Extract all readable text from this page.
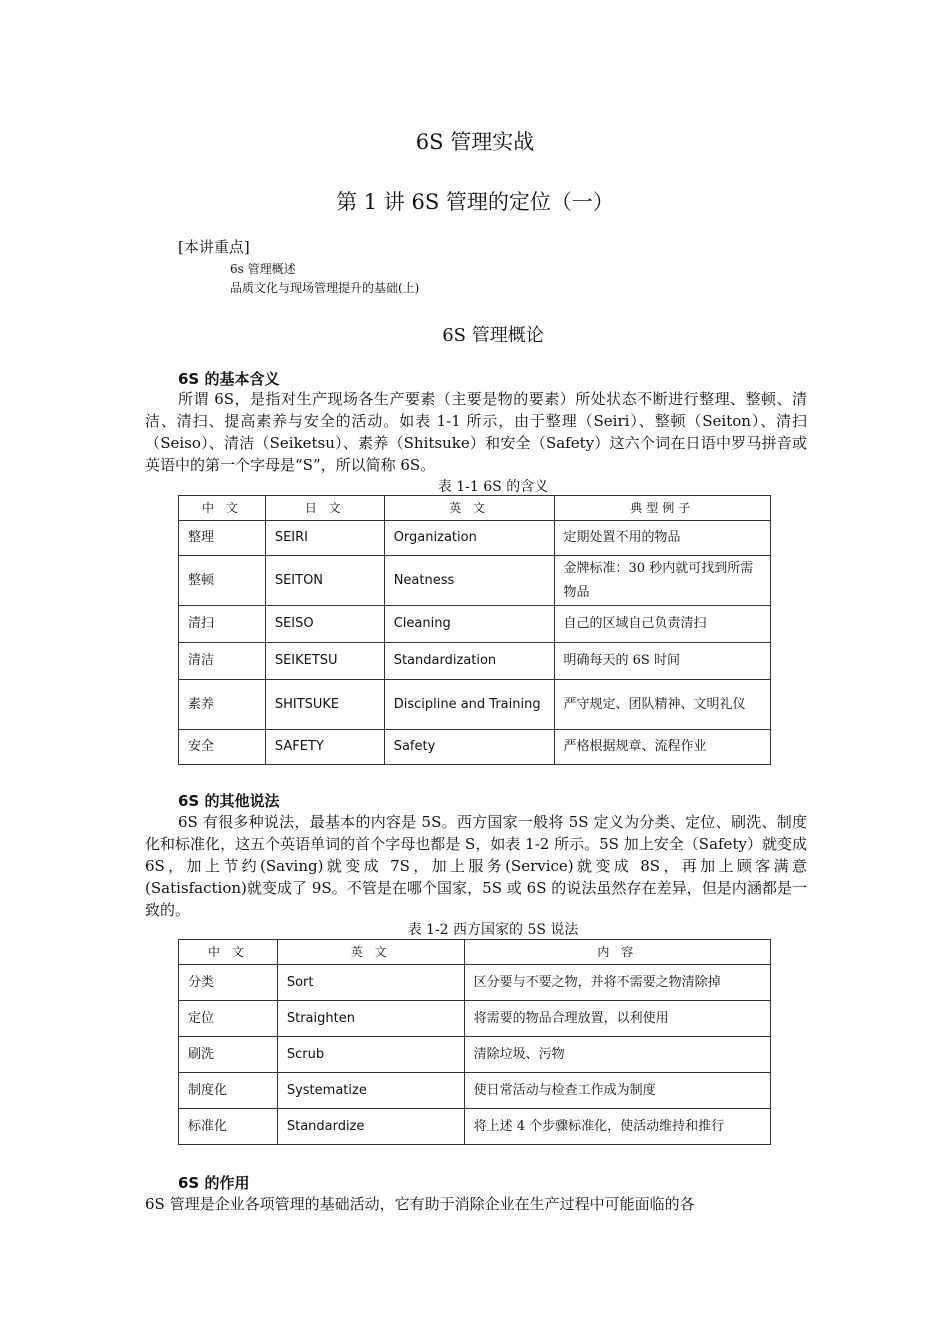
6S 管理实战
第 1 讲 6S 管理的定位（一）
[本讲重点]
6s 管理概述
品质文化与现场管理提升的基础(上)
6S 管理概论
6S 的基本含义

所谓 6S，是指对生产现场各生产要素（主要是物的要素）所处状态不断进行整理、整顿、清洁、清扫、提高素养与安全的活动。如表 1-1 所示，由于整理（Seiri）、整顿（Seiton）、清扫（Seiso）、清洁（Seiketsu）、素养（Shitsuke）和安全（Safety）这六个词在日语中罗马拼音或英语中的第一个字母是“S”，所以简称 6S。

表 1-1 6S 的含义
中 文	日 文	英 文	典型例子
整理	SEIRI	Organization	定期处置不用的物品
整顿	SEITON	Neatness	金牌标准：30 秒内就可找到所需物品
清扫	SEISO	Cleaning	自己的区域自己负责清扫
清洁	SEIKETSU	Standardization	明确每天的 6S 时间
素养	SHITSUKE	Discipline and Training	严守规定、团队精神、文明礼仪
安全	SAFETY	Safety	严格根据规章、流程作业
6S 的其他说法

6S 有很多种说法，最基本的内容是 5S。西方国家一般将 5S 定义为分类、定位、刷洗、制度化和标准化，这五个英语单词的首个字母也都是 S，如表 1-2 所示。5S 加上安全（Safety）就变成 6S，加上节约(Saving)就变成 7S，加上服务(Service)就变成 8S，再加上顾客满意(Satisfaction)就变成了 9S。不管是在哪个国家，5S 或 6S 的说法虽然存在差异，但是内涵都是一致的。

表 1-2 西方国家的 5S 说法
中 文	英 文	内 容
分类	Sort	区分要与不要之物，并将不需要之物清除掉
定位	Straighten	将需要的物品合理放置，以利使用
刷洗	Scrub	清除垃圾、污物
制度化	Systematize	使日常活动与检查工作成为制度
标准化	Standardize	将上述 4 个步骤标准化，使活动维持和推行
6S 的作用

6S 管理是企业各项管理的基础活动，它有助于消除企业在生产过程中可能面临的各
